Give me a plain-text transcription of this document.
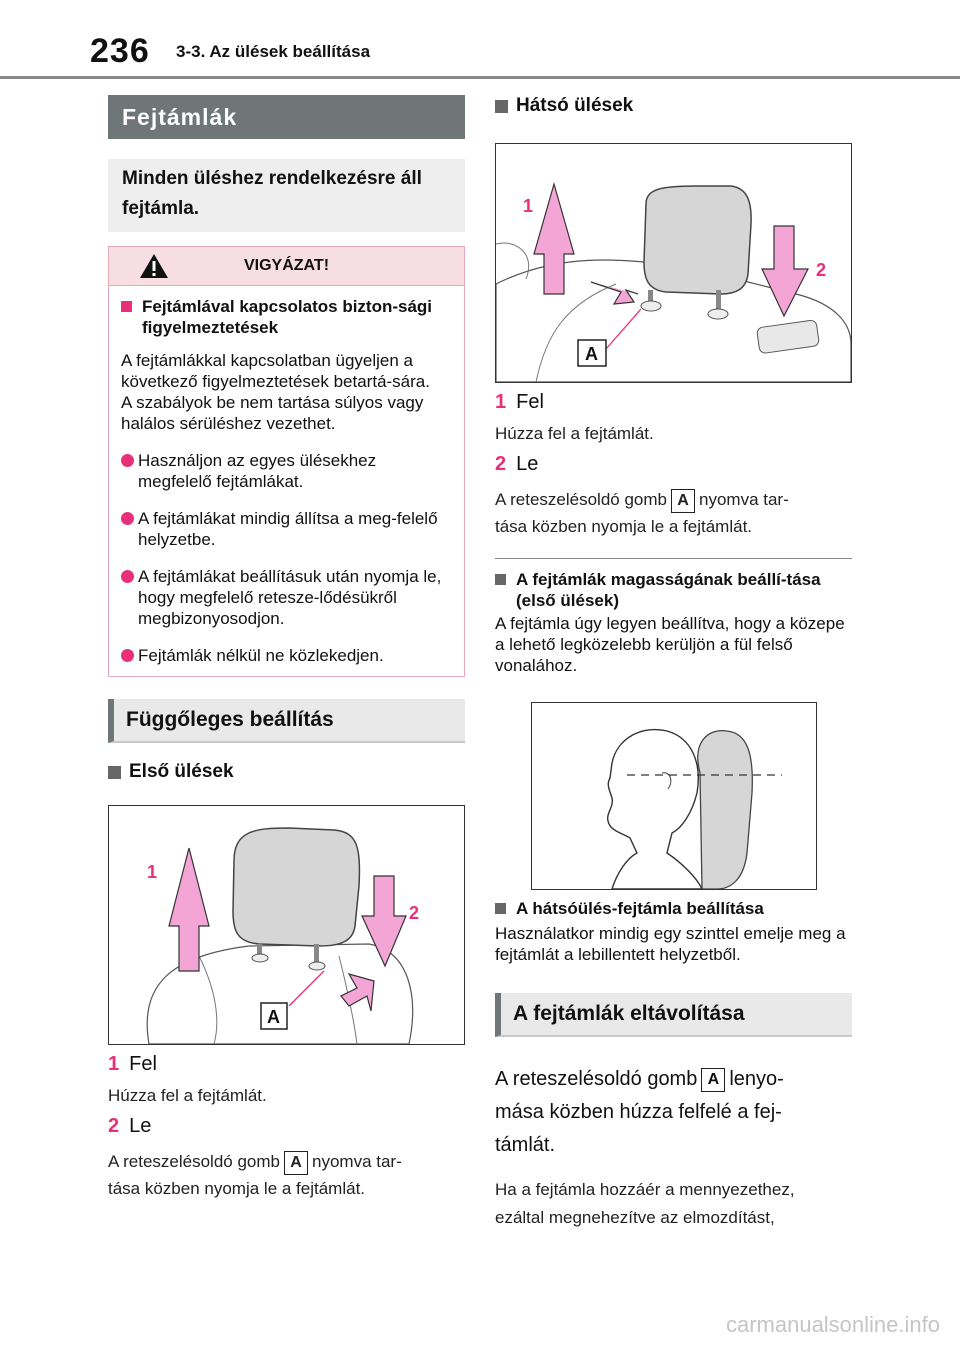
236 3-3. Az ülések beállítása
Fejtámlák
Minden üléshez rendelkezésre áll fejtámla.
VIGYÁZAT!
Fejtámlával kapcsolatos bizton-sági figyelmeztetések
A fejtámlákkal kapcsolatban ügyeljen a következő figyelmeztetések betartá-sára.
A szabályok be nem tartása súlyos vagy halálos sérüléshez vezethet.
Használjon az egyes ülésekhez megfelelő fejtámlákat.
A fejtámlákat mindig állítsa a meg-felelő helyzetbe.
A fejtámlákat beállításuk után nyomja le, hogy megfelelő retesze-lődésükről megbizonyosodjon.
Fejtámlák nélkül ne közlekedjen.
Függőleges beállítás
Első ülések
1
2
A
1 Fel
Húzza fel a fejtámlát.
2 Le
A reteszelésoldó gomb A nyomva tar-
tása közben nyomja le a fejtámlát.
Hátsó ülések
1
2
A
1 Fel
Húzza fel a fejtámlát.
2 Le
A reteszelésoldó gomb A nyomva tar-
tása közben nyomja le a fejtámlát.
A fejtámlák magasságának beállí-tása (első ülések)
A fejtámla úgy legyen beállítva, hogy a közepe a lehető legközelebb kerüljön a fül felső vonalához.
A hátsóülés-fejtámla beállítása
Használatkor mindig egy szinttel emelje meg a fejtámlát a lebillentett helyzetből.
A fejtámlák eltávolítása
A reteszelésoldó gomb A lenyo-
mása közben húzza felfelé a fej-
támlát.
Ha a fejtámla hozzáér a mennyezethez,
ezáltal megnehezítve az elmozdítást,
carmanualsonline.info
